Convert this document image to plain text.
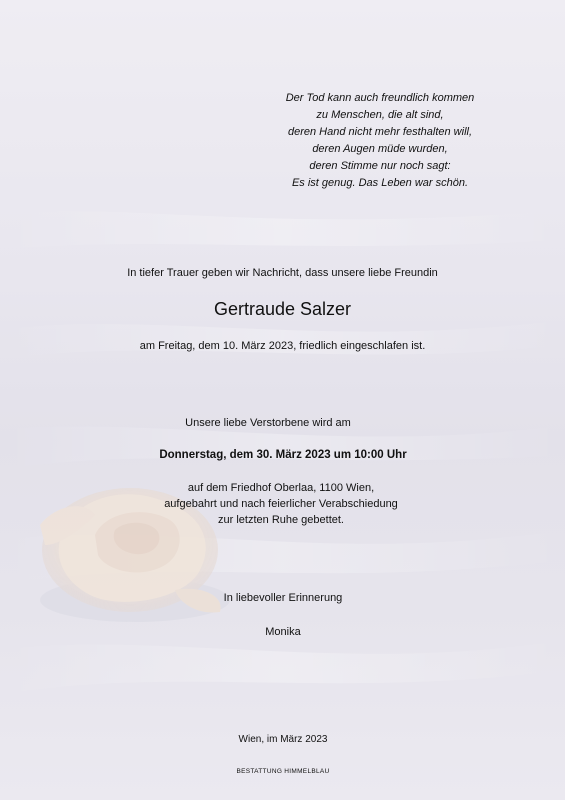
Der Tod kann auch freundlich kommen
zu Menschen, die alt sind,
deren Hand nicht mehr festhalten will,
deren Augen müde wurden,
deren Stimme nur noch sagt:
Es ist genug. Das Leben war schön.
In tiefer Trauer geben wir Nachricht, dass unsere liebe Freundin
Gertraude Salzer
am Freitag, dem 10. März 2023, friedlich eingeschlafen ist.
Unsere liebe Verstorbene wird am
Donnerstag, dem 30. März 2023 um 10:00 Uhr
auf dem Friedhof Oberlaa, 1100 Wien,
aufgebahrt und nach feierlicher Verabschiedung
zur letzten Ruhe gebettet.
In liebevoller Erinnerung
Monika
Wien, im März 2023
BESTATTUNG HIMMELBLAU
